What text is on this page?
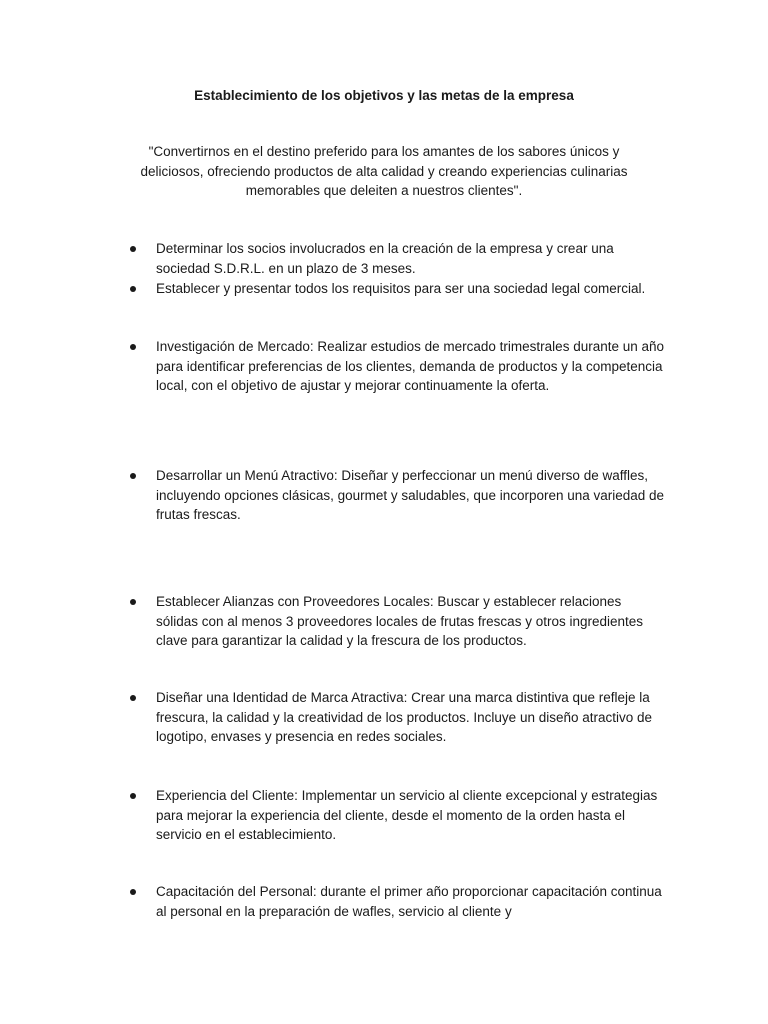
Establecimiento de los objetivos y las metas de la empresa

"Convertirnos en el destino preferido para los amantes de los sabores únicos y deliciosos, ofreciendo productos de alta calidad y creando experiencias culinarias memorables que deleiten a nuestros clientes".

Determinar los socios involucrados en la creación de la empresa y crear una sociedad S.D.R.L. en un plazo de 3 meses.
Establecer y presentar todos los requisitos para ser una sociedad legal comercial.
Investigación de Mercado: Realizar estudios de mercado trimestrales durante un año para identificar preferencias de los clientes, demanda de productos y la competencia local, con el objetivo de ajustar y mejorar continuamente la oferta.
Desarrollar un Menú Atractivo: Diseñar y perfeccionar un menú diverso de waffles, incluyendo opciones clásicas, gourmet y saludables, que incorporen una variedad de frutas frescas.
Establecer Alianzas con Proveedores Locales: Buscar y establecer relaciones sólidas con al menos 3 proveedores locales de frutas frescas y otros ingredientes clave para garantizar la calidad y la frescura de los productos.
Diseñar una Identidad de Marca Atractiva: Crear una marca distintiva que refleje la frescura, la calidad y la creatividad de los productos. Incluye un diseño atractivo de logotipo, envases y presencia en redes sociales.
Experiencia del Cliente: Implementar un servicio al cliente excepcional y estrategias para mejorar la experiencia del cliente, desde el momento de la orden hasta el servicio en el establecimiento.
Capacitación del Personal: durante el primer año proporcionar capacitación continua al personal en la preparación de wafles, servicio al cliente y
